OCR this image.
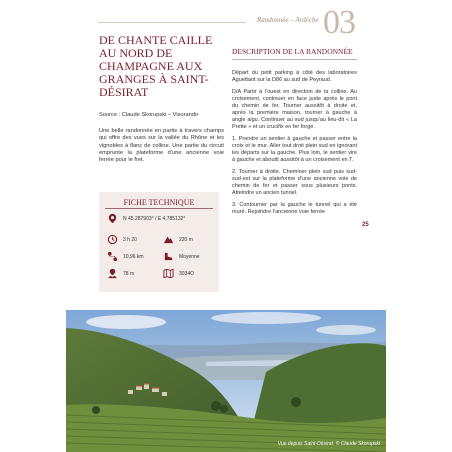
Randonnée – Ardèche 03
DE CHANTE CAILLE AU NORD DE CHAMPAGNE AUX GRANGES À SAINT-DÉSIRAT
Source : Claude Skorupski – Visorando
Une belle randonnée en partie à travers champs qui offre des vues sur la vallée du Rhône et les vignobles à flanc de colline. Une partie du circuit emprunte la plateforme d’une ancienne voie ferrée pour le fret.
FICHE TECHNIQUE
N 45.287903° / E 4.785132°
3 h 20	220 m
10,96 km	Moyenne
78 m	3034O
DESCRIPTION DE LA RANDONNÉE

Départ du petit parking à côté des laboratoires Aguettant sur la D86 au sud de Peyraud.

D/A Partir à l’ouest en direction de la colline. Au croisement, continuer en face juste après le pont du chemin de fer. Tourner aussitôt à droite et, après la première maison, tourner à gauche à angle aigu. Continuer au sud jusqu’au lieu-dit « La Prette » et un crucifix en fer forgé.

1. Prendre un sentier à gauche et passer entre la croix et le mur. Aller tout droit plein sud en ignorant les départs sur la gauche. Plus loin, le sentier vire à gauche et aboutit aussitôt à un croisement en T.

2. Tourner à droite. Cheminer plein sud puis sud-sud-est sur la plateforme d’une ancienne voie de chemin de fer et passer sous plusieurs ponts. Atteindre un ancien tunnel.

3. Contourner par la gauche le tunnel qui a été muré. Rejoindre l’ancienne voie ferrée

25
Vue depuis Saint-Désirat. © Claude Skorupski
